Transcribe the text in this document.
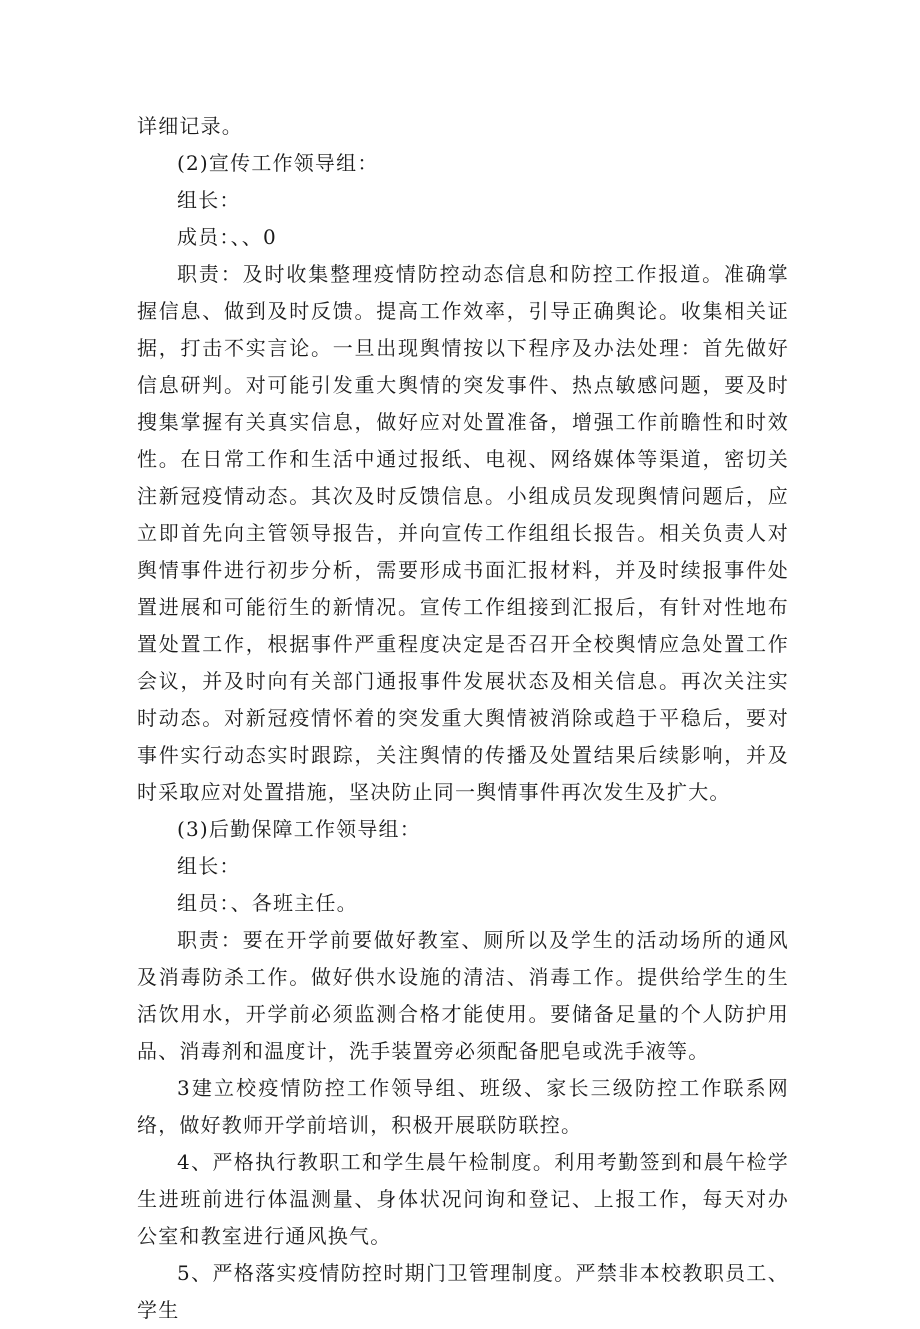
详细记录。

(2)宣传工作领导组：

组长：

成员：、、0

职责：及时收集整理疫情防控动态信息和防控工作报道。准确掌握信息、做到及时反馈。提高工作效率，引导正确舆论。收集相关证据，打击不实言论。一旦出现舆情按以下程序及办法处理：首先做好信息研判。对可能引发重大舆情的突发事件、热点敏感问题，要及时搜集掌握有关真实信息，做好应对处置准备，增强工作前瞻性和时效性。在日常工作和生活中通过报纸、电视、网络媒体等渠道，密切关注新冠疫情动态。其次及时反馈信息。小组成员发现舆情问题后，应立即首先向主管领导报告，并向宣传工作组组长报告。相关负责人对舆情事件进行初步分析，需要形成书面汇报材料，并及时续报事件处置进展和可能衍生的新情况。宣传工作组接到汇报后，有针对性地布置处置工作，根据事件严重程度决定是否召开全校舆情应急处置工作会议，并及时向有关部门通报事件发展状态及相关信息。再次关注实时动态。对新冠疫情怀着的突发重大舆情被消除或趋于平稳后，要对事件实行动态实时跟踪，关注舆情的传播及处置结果后续影响，并及时采取应对处置措施，坚决防止同一舆情事件再次发生及扩大。

(3)后勤保障工作领导组：

组长：

组员：、各班主任。

职责：要在开学前要做好教室、厕所以及学生的活动场所的通风及消毒防杀工作。做好供水设施的清洁、消毒工作。提供给学生的生活饮用水，开学前必须监测合格才能使用。要储备足量的个人防护用品、消毒剂和温度计，洗手装置旁必须配备肥皂或洗手液等。

3建立校疫情防控工作领导组、班级、家长三级防控工作联系网络，做好教师开学前培训，积极开展联防联控。

4、严格执行教职工和学生晨午检制度。利用考勤签到和晨午检学生进班前进行体温测量、身体状况问询和登记、上报工作，每天对办公室和教室进行通风换气。

5、严格落实疫情防控时期门卫管理制度。严禁非本校教职员工、学生
